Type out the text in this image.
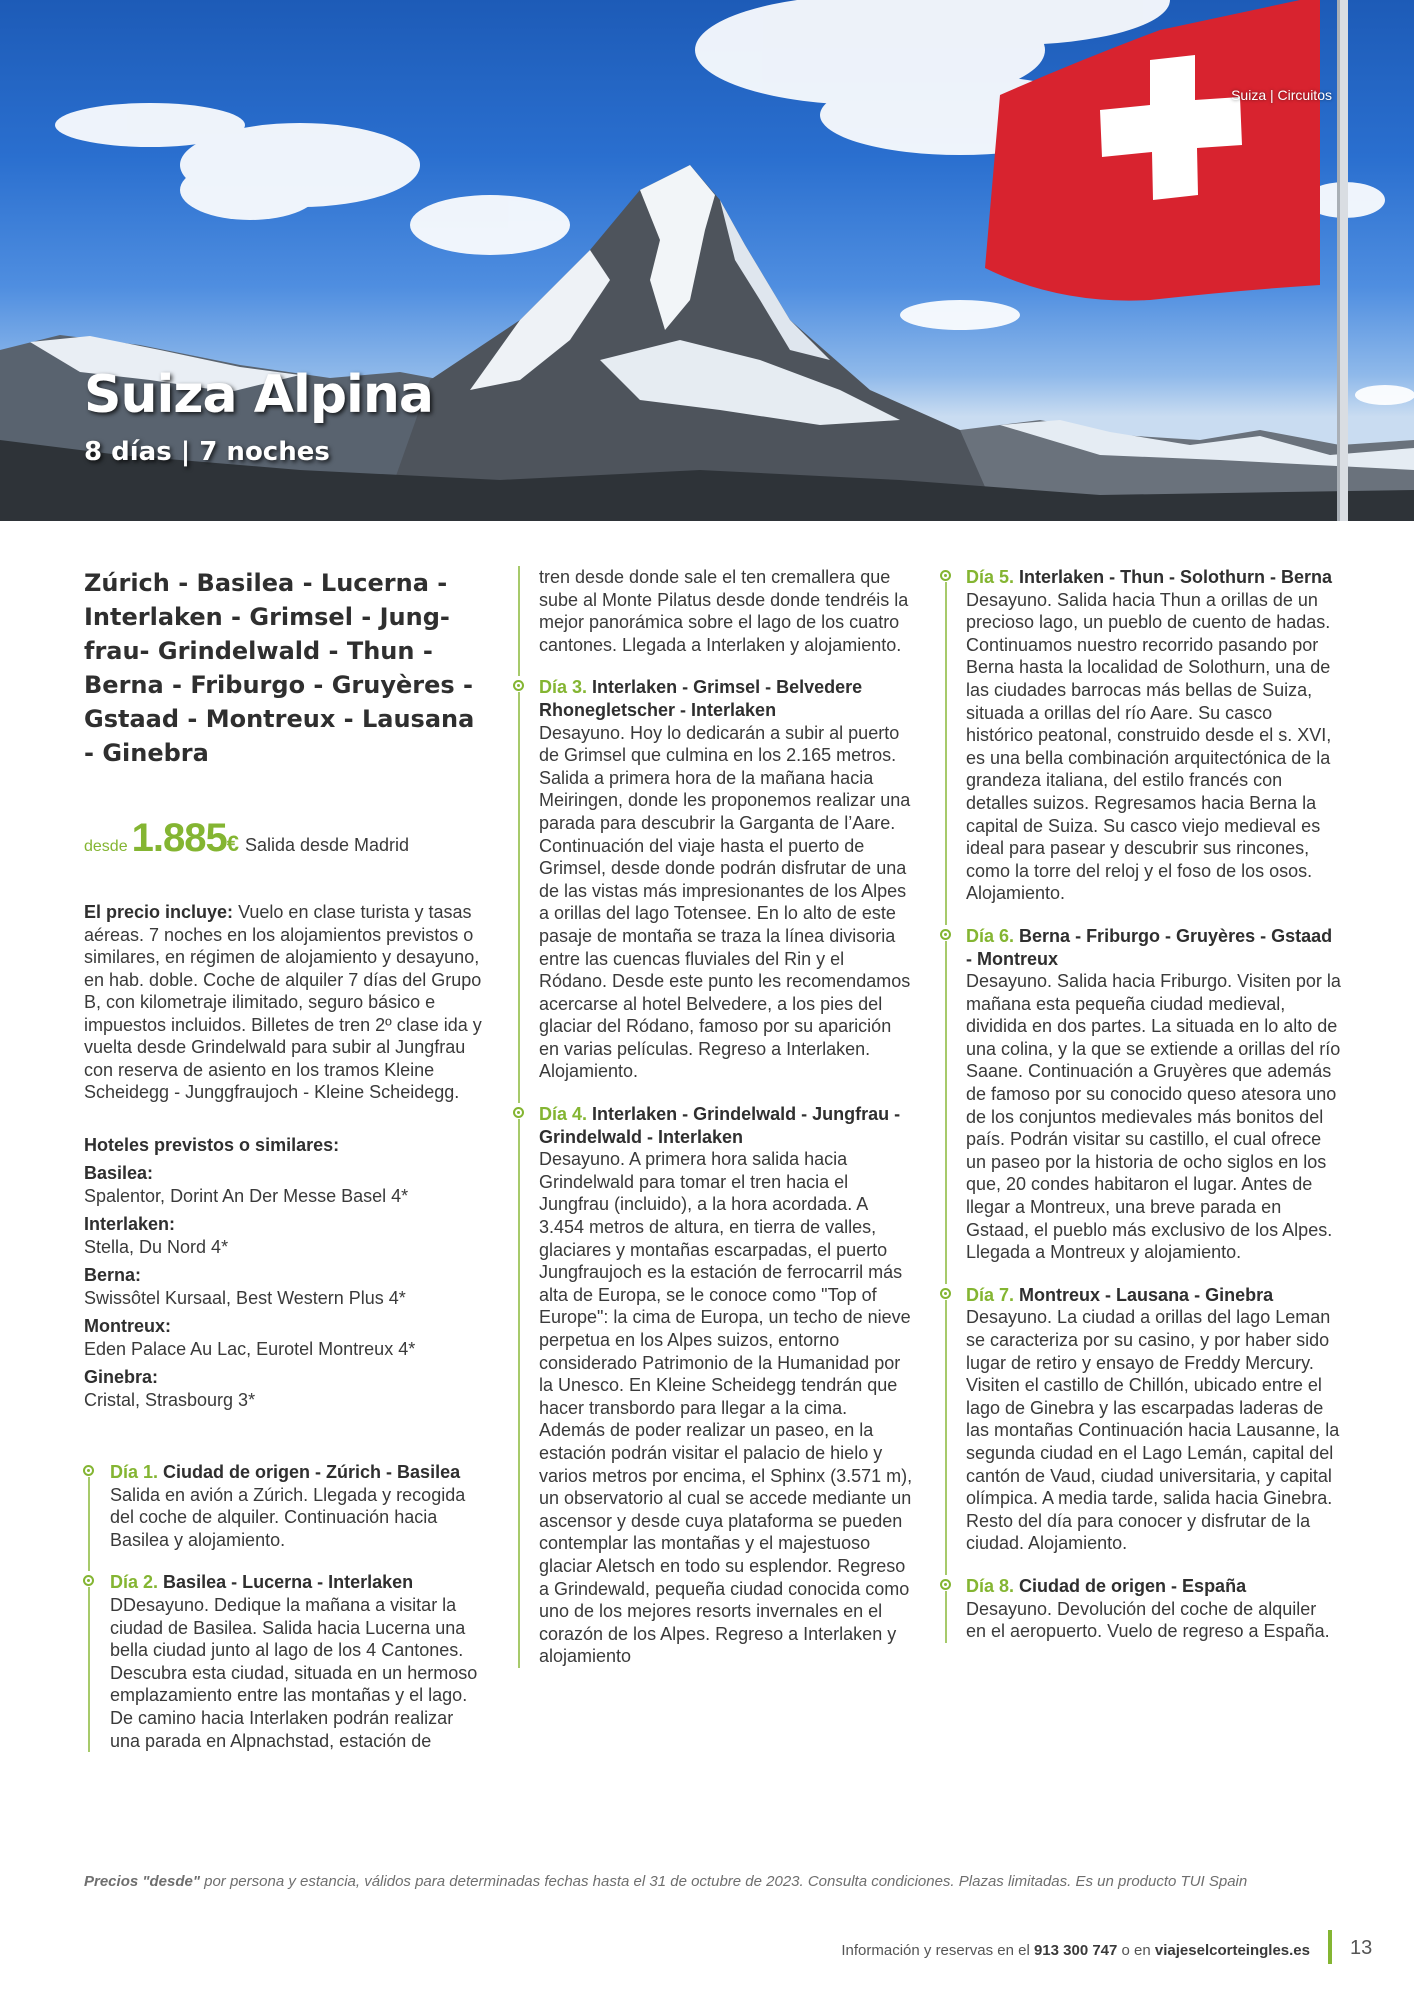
Suiza | Circuitos
Suiza Alpina
8 días | 7 noches
Zúrich - Basilea - Lucerna - Interlaken - Grimsel - Jung-frau- Grindelwald - Thun - Berna - Friburgo - Gruyères - Gstaad - Montreux - Lausana - Ginebra
desde 1.885 € Salida desde Madrid
El precio incluye: Vuelo en clase turista y tasas aéreas. 7 noches en los alojamientos previstos o similares, en régimen de alojamiento y desayuno, en hab. doble. Coche de alquiler 7 días del Grupo B, con kilometraje ilimitado, seguro básico e impuestos incluidos. Billetes de tren 2º clase ida y vuelta desde Grindelwald para subir al Jungfrau con reserva de asiento en los tramos Kleine Scheidegg - Junggfraujoch - Kleine Scheidegg.
Hoteles previstos o similares:
Basilea:
Spalentor, Dorint An Der Messe Basel 4*
Interlaken:
Stella, Du Nord 4*
Berna:
Swissôtel Kursaal, Best Western Plus 4*
Montreux:
Eden Palace Au Lac, Eurotel Montreux 4*
Ginebra:
Cristal, Strasbourg 3*
Día 1. Ciudad de origen - Zúrich - Basilea
Salida en avión a Zúrich. Llegada y recogida del coche de alquiler. Continuación hacia Basilea y alojamiento.
Día 2. Basilea - Lucerna - Interlaken
DDesayuno. Dedique la mañana a visitar la ciudad de Basilea. Salida hacia Lucerna una bella ciudad junto al lago de los 4 Cantones. Descubra esta ciudad, situada en un hermoso emplazamiento entre las montañas y el lago. De camino hacia Interlaken podrán realizar una parada en Alpnachstad, estación de
tren desde donde sale el ten cremallera que sube al Monte Pilatus desde donde tendréis la mejor panorámica sobre el lago de los cuatro cantones. Llegada a Interlaken y alojamiento.
Día 3. Interlaken - Grimsel - Belvedere Rhonegletscher - Interlaken
Desayuno. Hoy lo dedicarán a subir al puerto de Grimsel que culmina en los 2.165 metros. Salida a primera hora de la mañana hacia Meiringen, donde les proponemos realizar una parada para descubrir la Garganta de l’Aare. Continuación del viaje hasta el puerto de Grimsel, desde donde podrán disfrutar de una de las vistas más impresionantes de los Alpes a orillas del lago Totensee. En lo alto de este pasaje de montaña se traza la línea divisoria entre las cuencas fluviales del Rin y el Ródano. Desde este punto les recomendamos acercarse al hotel Belvedere, a los pies del glaciar del Ródano, famoso por su aparición en varias películas. Regreso a Interlaken. Alojamiento.
Día 4. Interlaken - Grindelwald - Jungfrau - Grindelwald - Interlaken
Desayuno. A primera hora salida hacia Grindelwald para tomar el tren hacia el Jungfrau (incluido), a la hora acordada. A 3.454 metros de altura, en tierra de valles, glaciares y montañas escarpadas, el puerto Jungfraujoch es la estación de ferrocarril más alta de Europa, se le conoce como "Top of Europe": la cima de Europa, un techo de nieve perpetua en los Alpes suizos, entorno considerado Patrimonio de la Humanidad por la Unesco. En Kleine Scheidegg tendrán que hacer transbordo para llegar a la cima. Además de poder realizar un paseo, en la estación podrán visitar el palacio de hielo y varios metros por encima, el Sphinx (3.571 m), un observatorio al cual se accede mediante un ascensor y desde cuya plataforma se pueden contemplar las montañas y el majestuoso glaciar Aletsch en todo su esplendor. Regreso a Grindewald, pequeña ciudad conocida como uno de los mejores resorts invernales en el corazón de los Alpes. Regreso a Interlaken y alojamiento
Día 5. Interlaken - Thun - Solothurn - Berna
Desayuno. Salida hacia Thun a orillas de un precioso lago, un pueblo de cuento de hadas. Continuamos nuestro recorrido pasando por Berna hasta la localidad de Solothurn, una de las ciudades barrocas más bellas de Suiza, situada a orillas del río Aare. Su casco histórico peatonal, construido desde el s. XVI, es una bella combinación arquitectónica de la grandeza italiana, del estilo francés con detalles suizos. Regresamos hacia Berna la capital de Suiza. Su casco viejo medieval es ideal para pasear y descubrir sus rincones, como la torre del reloj y el foso de los osos. Alojamiento.
Día 6. Berna - Friburgo - Gruyères - Gstaad - Montreux
Desayuno. Salida hacia Friburgo. Visiten por la mañana esta pequeña ciudad medieval, dividida en dos partes. La situada en lo alto de una colina, y la que se extiende a orillas del río Saane. Continuación a Gruyères que además de famoso por su conocido queso atesora uno de los conjuntos medievales más bonitos del país. Podrán visitar su castillo, el cual ofrece un paseo por la historia de ocho siglos en los que, 20 condes habitaron el lugar. Antes de llegar a Montreux, una breve parada en Gstaad, el pueblo más exclusivo de los Alpes. Llegada a Montreux y alojamiento.
Día 7. Montreux - Lausana - Ginebra
Desayuno. La ciudad a orillas del lago Leman se caracteriza por su casino, y por haber sido lugar de retiro y ensayo de Freddy Mercury. Visiten el castillo de Chillón, ubicado entre el lago de Ginebra y las escarpadas laderas de las montañas Continuación hacia Lausanne, la segunda ciudad en el Lago Lemán, capital del cantón de Vaud, ciudad universitaria, y capital olímpica. A media tarde, salida hacia Ginebra. Resto del día para conocer y disfrutar de la ciudad. Alojamiento.
Día 8. Ciudad de origen - España
Desayuno. Devolución del coche de alquiler en el aeropuerto. Vuelo de regreso a España.
Precios "desde" por persona y estancia, válidos para determinadas fechas hasta el 31 de octubre de 2023. Consulta condiciones. Plazas limitadas. Es un producto TUI Spain
Información y reservas en el 913 300 747 o en viajeselcorteingles.es 13
